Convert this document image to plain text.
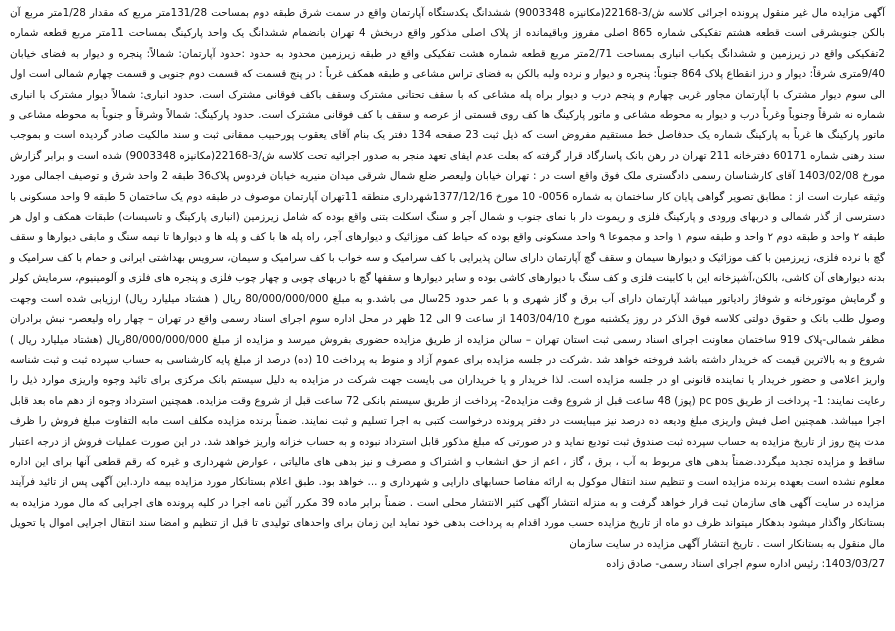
آگهی مزایده مال غیر منقول پرونده اجرائی کلاسه ش/3-22168(مکانیزه 9003348) ششدانگ یکدستگاه آپارتمان واقع در سمت شرق طبقه دوم بمساحت 131/28متر مربع که مقدار 1/28متر مربع آن بالکن جنوبشرقی است قطعه هشتم تفکیکی شماره 865 اصلی مفروز وباقیمانده از پلاک اصلی مذکور واقع دربخش 4 تهران بانضمام ششدانگ یک واحد پارکینگ بمساحت 11متر مربع قطعه شماره 2تفکیکی واقع در زیرزمین و ششدانگ یکباب انباری بمساحت 2/71متر مربع قطعه شماره هشت تفکیکی واقع در طبقه زیرزمین محدود به حدود :حدود آپارتمان: شمالاً: پنجره و دیوار به فضای خیابان 9/40متری شرقاً: دیوار و درز انقطاع پلاک 864 جنوباً: پنجره و دیوار و نرده ولبه بالکن به فضای تراس مشاعی و طبقه همکف غرباً : در پنج قسمت که قسمت دوم جنوبی و قسمت چهارم شمالی است اول الی سوم دیوار مشترک با آپارتمان مجاور غربی چهارم و پنجم درب و دیوار براه پله مشاعی که با سقف تحتانی مشترک وسقف باکف فوقانی مشترک است. حدود انباری: شمالاً دیوار مشترک با انباری شماره نه شرقاً وجنوباً وغرباً درب و دیوار به محوطه مشاعی و ماتور پارکینگ ها کف روی قسمتی از عرصه و سقف با کف فوقانی مشترک است. حدود پارکینگ: شمالاً وشرقاً و جنوباً به محوطه مشاعی و ماتور پارکینگ ها غرباً به پارکینگ شماره یک حدفاصل خط مستقیم مفروض است که ذیل ثبت 23 صفحه 134 دفتر یک بنام آقای یعقوب پورحبیب ممقانی ثبت و سند مالکیت صادر گردیده است و بموجب سند رهنی شماره 60171 دفترخانه 211 تهران در رهن بانک پاسارگاد قرار گرفته که بعلت عدم ایفای تعهد منجر به صدور اجرائیه تحت کلاسه ش/3-22168(مکانیزه 9003348) شده است و برابر گزارش مورخ 1403/02/08 آقای کارشناسان رسمی دادگستری ملک فوق واقع است در : تهران خیابان ولیعصر ضلع شمال شرقی میدان منیریه خیابان فردوس پلاک36 طبقه 2 واحد شرق و توصیف اجمالی مورد وثیقه عبارت است از : مطابق تصویر گواهی پایان کار ساختمان به شماره 0056- 10 مورخ 1377/12/16شهرداری منطقه 11تهران آپارتمان موصوف در طبقه دوم یک ساختمان 5 طبقه 9 واحد مسکونی با دسترسی از گذر شمالی و دربهای ورودی و پارکینگ فلزی و ریموت دار با نمای جنوب و شمال آجر و سنگ اسکلت بتنی واقع بوده که شامل زیرزمین (انباری پارکینگ و تاسیسات) طبقات همکف و اول هر طبقه ۲ واحد و طبقه دوم ۲ واحد و طبقه سوم ۱ واحد و مجموعا ۹ واحد مسکونی واقع بوده که حیاط کف موزائیک و دیوارهای آجر، راه پله ها با کف و پله ها و دیوارها تا نیمه سنگ و مابقی دیوارها و سقف گچ با نرده فلزی، زیرزمین با کف موزائیک و دیوارها سیمان و سقف گچ آپارتمان دارای سالن پذیرایی با کف سرامیک و سه خواب با کف سرامیک و سیمان، سرویس بهداشتی ایرانی و حمام با کف سرامیک و بدنه دیوارهای آن کاشی، بالکن،آشپزخانه این با کابینت فلزی و کف سنگ با دیوارهای کاشی بوده و سایر دیوارها و سقفها گچ با دربهای چوبی و چهار چوب فلزی و پنجره های فلزی و آلومینیوم، سرمایش کولر و گرمایش موتورخانه و شوفاژ رادیاتور میباشد آپارتمان دارای آب برق و گاز شهری و با عمر حدود 25سال می باشد.و به مبلغ 80/000/000/000 ریال ( هشتاد میلیارد ریال) ارزیابی شده است وجهت وصول طلب بانک و حقوق دولتی کلاسه فوق الذکر در روز یکشنبه مورخ 1403/04/10 از ساعت 9 الی 12 ظهر در محل اداره سوم اجرای اسناد رسمی واقع در تهران – چهار راه ولیعصر- نبش برادران مظفر شمالی-پلاک 919 ساختمان معاونت اجرای اسناد رسمی ثبت استان تهران – سالن مزایده از طریق مزایده حضوری بفروش میرسد و مزایده از مبلغ 80/000/000/000ریال (هشتاد میلیارد ریال ) شروع و به بالاترین قیمت که خریدار داشته باشد فروخته خواهد شد .شرکت در جلسه مزایده برای عموم آزاد و منوط به پرداخت 10 (ده) درصد از مبلغ پایه کارشناسی به حساب سپرده ثبت و ثبت شناسه واریز اعلامی و حضور خریدار یا نماینده قانونی او در جلسه مزایده است. لذا خریدار و یا خریداران می بایست جهت شرکت در مزایده به دلیل سیستم بانک مرکزی برای تائید وجوه واریزی موارد ذیل را رعایت نمایند: 1- پرداخت از طریق pc pos (پوز) 48 ساعت قبل از شروع وقت مزایده2- پرداخت از طریق سیستم بانکی 72 ساعت قبل از شروع وقت مزایده. همچنین استرداد وجوه از دهم ماه بعد قابل اجرا میباشد. همچنین اصل فیش واریزی مبلغ ودیعه ده درصد نیز میبایست در دفتر پرونده درخواست کتبی به اجرا تسلیم و ثبت نمایند. ضمناً برنده مزایده مکلف است مابه التفاوت مبلغ فروش را ظرف مدت پنج روز از تاریخ مزایده به حساب سپرده ثبت صندوق ثبت تودیع نماید و در صورتی که مبلغ مذکور قابل استرداد نبوده و به حساب خزانه واریز خواهد شد. در این صورت عملیات فروش از درجه اعتبار ساقط و مزایده تجدید میگردد.ضمناً بدهی های مربوط به آب ، برق ، گاز ، اعم از حق انشعاب و اشتراک و مصرف و نیز بدهی های مالیاتی ، عوارض شهرداری و غیره که رقم قطعی آنها برای این اداره معلوم نشده است بعهده برنده مزایده است و تنظیم سند انتقال موکول به ارائه مفاصا حسابهای دارایی و شهرداری و ... خواهد بود. طبق اعلام بستانکار مورد مزایده بیمه دارد.این آگهی پس از تائید فرآیند مزایده در سایت آگهی های سازمان ثبت قرار خواهد گرفت و به منزله انتشار آگهی کثیر الانتشار محلی است . ضمناً برابر ماده 39 مکرر آئین نامه اجرا در کلیه پرونده های اجرایی که مال مورد مزایده به بستانکار واگذار میشود بدهکار میتواند ظرف دو ماه از تاریخ مزایده حسب مورد اقدام به پرداخت بدهی خود نماید این زمان برای واحدهای تولیدی تا قبل از تنظیم و امضا سند انتقال اجرایی اموال یا تحویل مال منقول به بستانکار است . تاریخ انتشار آگهی مزایده در سایت سازمان

1403/03/27: رئیس اداره سوم اجرای اسناد رسمی- صادق زاده
